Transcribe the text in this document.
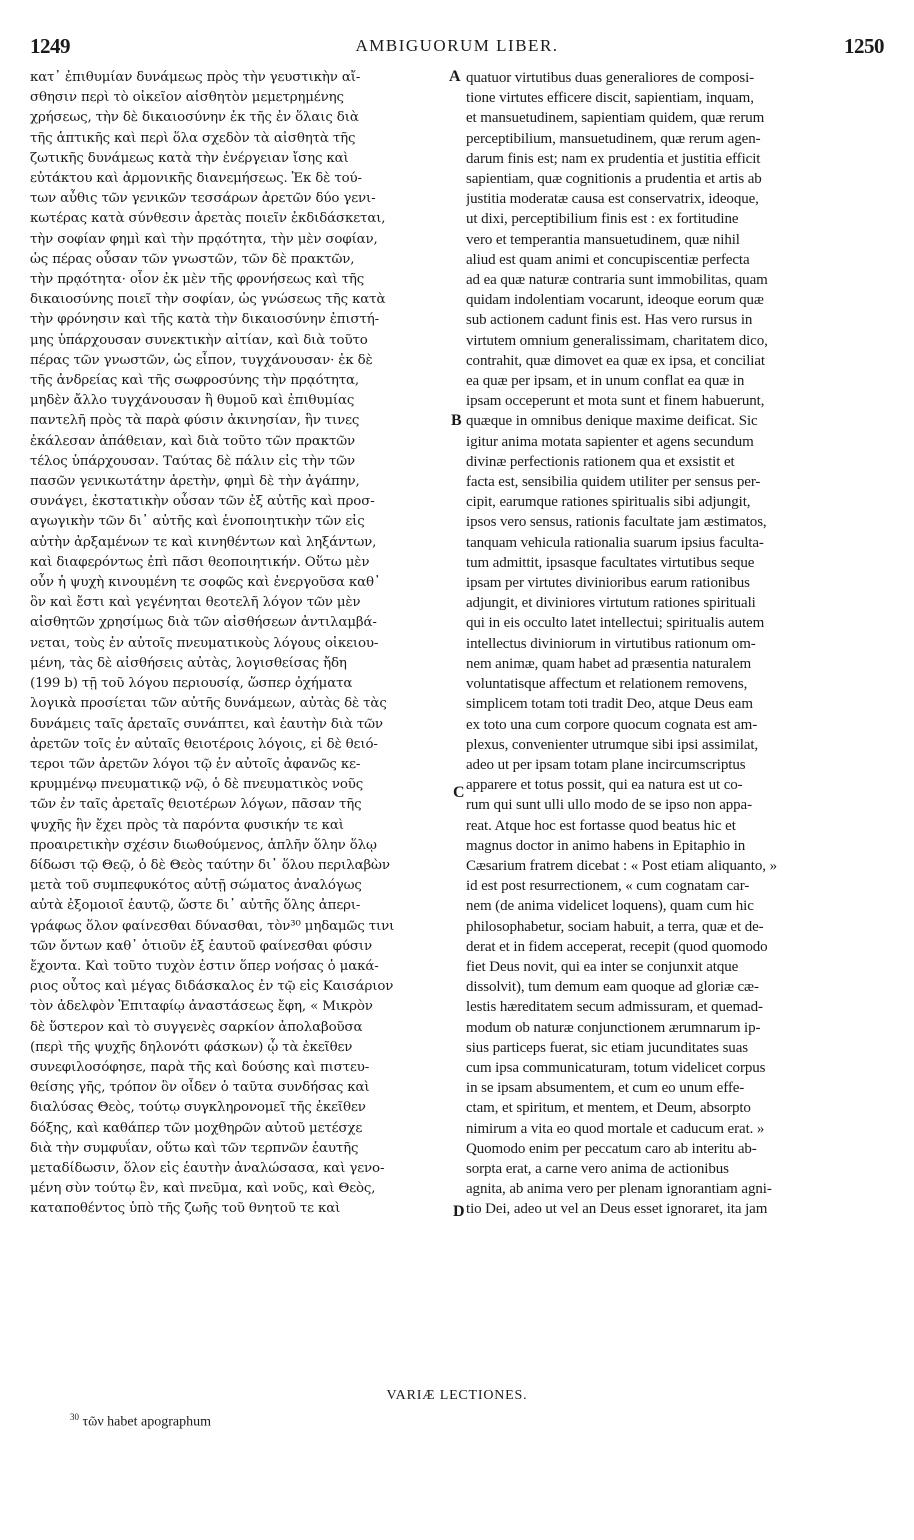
1249	AMBIGUORUM LIBER.	1250
κατ᾽ ἐπιθυμίαν δυνάμεως πρὸς τὴν γευστικὴν αἴ-
σθησιν περὶ τὸ οἰκεῖον αἰσθητὸν μεμετρημένης
χρήσεως, τὴν δὲ δικαιοσύνην ἐκ τῆς ἐν ὅλαις διὰ
τῆς ἁπτικῆς καὶ περὶ ὅλα σχεδὸν τὰ αἰσθητὰ τῆς
ζωτικῆς δυνάμεως κατὰ τὴν ἐνέργειαν ἴσης καὶ
εὐτάκτου καὶ ἁρμονικῆς διανεμήσεως. Ἐκ δὲ τού-
των αὖθις τῶν γενικῶν τεσσάρων ἀρετῶν δύο γενι-
κωτέρας κατὰ σύνθεσιν ἀρετὰς ποιεῖν ἐκδιδάσκεται,
τὴν σοφίαν φημὶ καὶ τὴν πρᾳότητα, τὴν μὲν σοφίαν,
ὡς πέρας οὖσαν τῶν γνωστῶν, τῶν δὲ πρακτῶν,
τὴν πρᾳότητα· οἷον ἐκ μὲν τῆς φρονήσεως καὶ τῆς
δικαιοσύνης ποιεῖ τὴν σοφίαν, ὡς γνώσεως τῆς κατὰ
τὴν φρόνησιν καὶ τῆς κατὰ τὴν δικαιοσύνην ἐπιστή-
μης ὑπάρχουσαν συνεκτικὴν αἰτίαν, καὶ διὰ τοῦτο
πέρας τῶν γνωστῶν, ὡς εἶπον, τυγχάνουσαν· ἐκ δὲ
τῆς ἀνδρείας καὶ τῆς σωφροσύνης τὴν πρᾳότητα,
μηδὲν ἄλλο τυγχάνουσαν ἢ θυμοῦ καὶ ἐπιθυμίας
παντελῆ πρὸς τὰ παρὰ φύσιν ἀκινησίαν, ἣν τινες
ἐκάλεσαν ἀπάθειαν, καὶ διὰ τοῦτο τῶν πρακτῶν
τέλος ὑπάρχουσαν. Ταύτας δὲ πάλιν εἰς τὴν τῶν
πασῶν γενικωτάτην ἀρετὴν, φημὶ δὲ τὴν ἀγάπην,
συνάγει, ἐκστατικὴν οὖσαν τῶν ἐξ αὐτῆς καὶ προσ-
αγωγικὴν τῶν δι᾽ αὐτῆς καὶ ἑνοποιητικὴν τῶν εἰς
αὐτὴν ἀρξαμένων τε καὶ κινηθέντων καὶ ληξάντων,
καὶ διαφερόντως ἐπὶ πᾶσι θεοποιητικήν. Οὕτω μὲν
οὖν ἡ ψυχὴ κινουμένη τε σοφῶς καὶ ἐνεργοῦσα καθ᾽
ὃν καὶ ἔστι καὶ γεγένηται θεοτελῆ λόγον τῶν μὲν
αἰσθητῶν χρησίμως διὰ τῶν αἰσθήσεων ἀντιλαμβά-
νεται, τοὺς ἐν αὐτοῖς πνευματικοὺς λόγους οἰκειου-
μένη, τὰς δὲ αἰσθήσεις αὐτὰς, λογισθείσας ἤδη
(199 b) τῇ τοῦ λόγου περιουσίᾳ, ὥσπερ ὀχήματα
λογικὰ προσίεται τῶν αὐτῆς δυνάμεων, αὐτὰς δὲ τὰς
δυνάμεις ταῖς ἀρεταῖς συνάπτει, καὶ ἑαυτὴν διὰ τῶν
ἀρετῶν τοῖς ἐν αὐταῖς θειοτέροις λόγοις, εἰ δὲ θειό-
τεροι τῶν ἀρετῶν λόγοι τῷ ἐν αὐτοῖς ἀφανῶς κε-
κρυμμένῳ πνευματικῷ νῷ, ὁ δὲ πνευματικὸς νοῦς
τῶν ἐν ταῖς ἀρεταῖς θειοτέρων λόγων, πᾶσαν τῆς
ψυχῆς ἣν ἔχει πρὸς τὰ παρόντα φυσικήν τε καὶ
προαιρετικὴν σχέσιν διωθούμενος, ἁπλῆν ὅλην ὅλῳ
δίδωσι τῷ Θεῷ, ὁ δὲ Θεὸς ταύτην δι᾽ ὅλου περιλαβὼν
μετὰ τοῦ συμπεφυκότος αὐτῇ σώματος ἀναλόγως
αὐτὰ ἐξομοιοῖ ἑαυτῷ, ὥστε δι᾽ αὐτῆς ὅλης ἀπερι-
γράφως ὅλον φαίνεσθαι δύνασθαι, τὸν³⁰ μηδαμῶς τινι
τῶν ὄντων καθ᾽ ὁτιοῦν ἐξ ἑαυτοῦ φαίνεσθαι φύσιν
ἔχοντα. Καὶ τοῦτο τυχὸν ἐστιν ὅπερ νοήσας ὁ μακά-
ριος οὗτος καὶ μέγας διδάσκαλος ἐν τῷ εἰς Καισάριον
τὸν ἀδελφὸν Ἐπιταφίῳ ἀναστάσεως ἔφη, « Μικρὸν
δὲ ὕστερον καὶ τὸ συγγενὲς σαρκίον ἀπολαβοῦσα
(περὶ τῆς ψυχῆς δηλονότι φάσκων) ᾧ τὰ ἐκεῖθεν
συνεφιλοσόφησε, παρὰ τῆς καὶ δούσης καὶ πιστευ-
θείσης γῆς, τρόπον ὃν οἶδεν ὁ ταῦτα συνδήσας καὶ
διαλύσας Θεὸς, τούτῳ συγκληρονομεῖ τῆς ἐκεῖθεν
δόξης, καὶ καθάπερ τῶν μοχθηρῶν αὐτοῦ μετέσχε
διὰ τὴν συμφυΐαν, οὕτω καὶ τῶν τερπνῶν ἑαυτῆς
μεταδίδωσιν, ὅλον εἰς ἑαυτὴν ἀναλώσασα, καὶ γενο-
μένη σὺν τούτῳ ἓν, καὶ πνεῦμα, καὶ νοῦς, καὶ Θεὸς,
καταποθέντος ὑπὸ τῆς ζωῆς τοῦ θνητοῦ τε καὶ
quatuor virtutibus duas generaliores de composi-
tione virtutes efficere discit, sapientiam, inquam,
et mansuetudinem, sapientiam quidem, quæ rerum
perceptibilium, mansuetudinem, quæ rerum agen-
darum finis est; nam ex prudentia et justitia efficit
sapientiam, quæ cognitionis a prudentia et artis ab
justitia moderatæ causa est conservatrix, ideoque,
ut dixi, perceptibilium finis est : ex fortitudine
vero et temperantia mansuetudinem, quæ nihil
aliud est quam animi et concupiscentiæ perfecta
ad ea quæ naturæ contraria sunt immobilitas, quam
quidam indolentiam vocarunt, ideoque eorum quæ
sub actionem cadunt finis est. Has vero rursus in
virtutem omnium generalissimam, charitatem dico,
contrahit, quæ dimovet ea quæ ex ipsa, et conciliat
ea quæ per ipsam, et in unum conflat ea quæ in
ipsam occeperunt et mota sunt et finem habuerunt,
quæque in omnibus denique maxime deificat. Sic
igitur anima motata sapienter et agens secundum
divinæ perfectionis rationem qua et exsistit et
facta est, sensibilia quidem utiliter per sensus per-
cipit, earumque rationes spiritualis sibi adjungit,
ipsos vero sensus, rationis facultate jam æstimatos,
tanquam vehicula rationalia suarum ipsius faculta-
tum admittit, ipsasque facultates virtutibus seque
ipsam per virtutes divinioribus earum rationibus
adjungit, et diviniores virtutum rationes spirituali
qui in eis occulto latet intellectui; spiritualis autem
intellectus diviniorum in virtutibus rationum om-
nem animæ, quam habet ad præsentia naturalem
voluntatisque affectum et relationem removens,
simplicem totam toti tradit Deo, atque Deus eam
ex toto una cum corpore quocum cognata est am-
plexus, convenienter utrumque sibi ipsi assimilat,
adeo ut per ipsam totam plane incircumscriptus
apparere et totus possit, qui ea natura est ut co-
rum qui sunt ulli ullo modo de se ipso non appa-
reat. Atque hoc est fortasse quod beatus hic et
magnus doctor in animo habens in Epitaphio in
Cæsarium fratrem dicebat : « Post etiam aliquanto, »
id est post resurrectionem, « cum cognatam car-
nem (de anima videlicet loquens), quam cum hic
philosophabetur, sociam habuit, a terra, quæ et de-
derat et in fidem acceperat, recepit (quod quomodo
fiet Deus novit, qui ea inter se conjunxit atque
dissolvit), tum demum eam quoque ad gloriæ cæ-
lestis hæreditatem secum admissuram, et quemad-
modum ob naturæ conjunctionem ærumnarum ip-
sius particeps fuerat, sic etiam jucunditates suas
cum ipsa communicaturam, totum videlicet corpus
in se ipsam absumentem, et cum eo unum effe-
ctam, et spiritum, et mentem, et Deum, absorpto
nimirum a vita eo quod mortale et caducum erat. »
Quomodo enim per peccatum caro ab interitu ab-
sorpta erat, a carne vero anima de actionibus
agnita, ab anima vero per plenam ignorantiam agni-
tio Dei, adeo ut vel an Deus esset ignoraret, ita jam
A
B
C
D
VARIÆ LECTIONES.
$^{30}$ τῶν habet apographum
